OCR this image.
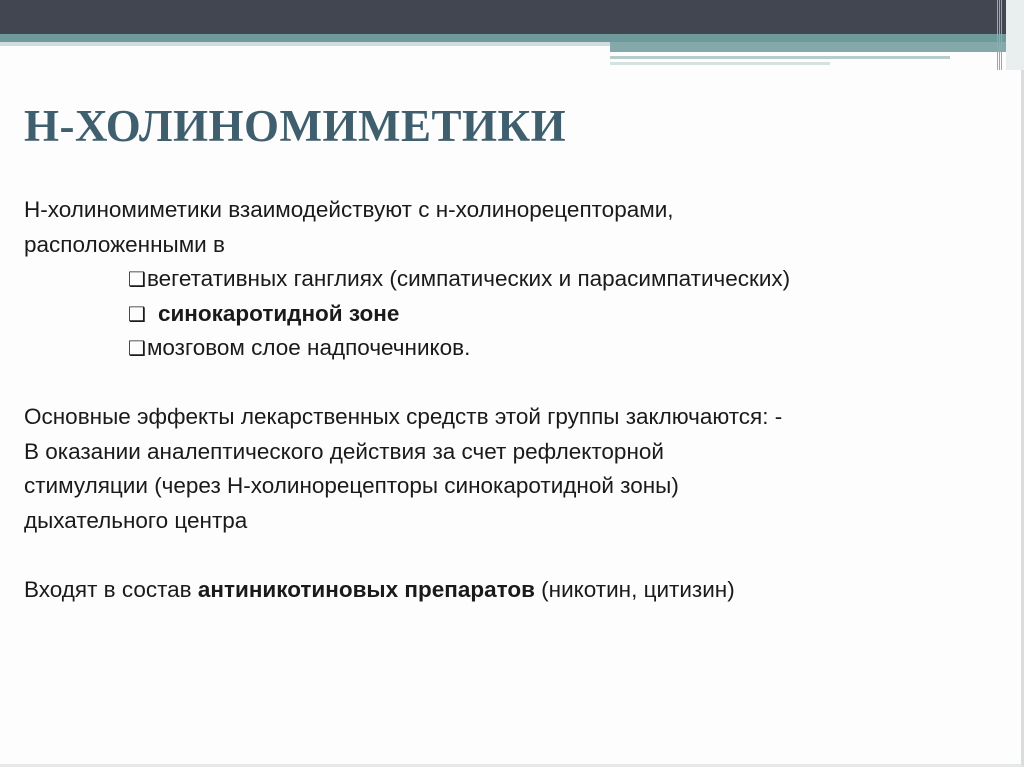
Н-ХОЛИНОМИМЕТИКИ

Н-холиномиметики взаимодействуют с н-холинорецепторами,

расположенными в

❑вегетативных ганглиях (симпатических и парасимпатических)

❑ синокаротидной зоне

❑мозговом слое надпочечников.

Основные эффекты лекарственных средств этой группы заключаются: -

В оказании аналептического действия за счет рефлекторной

стимуляции (через Н-холинорецепторы синокаротидной зоны)

дыхательного центра

Входят в состав антиникотиновых препаратов (никотин, цитизин)
